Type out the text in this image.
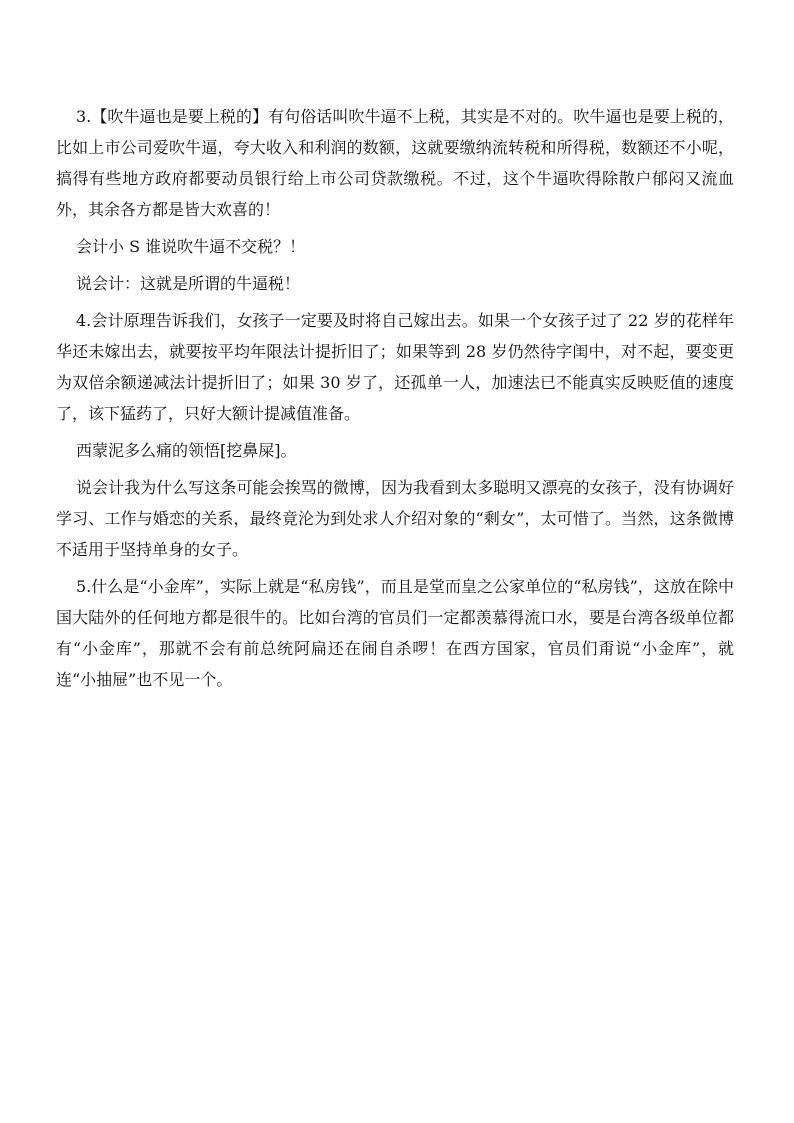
3.【吹牛逼也是要上税的】有句俗话叫吹牛逼不上税，其实是不对的。吹牛逼也是要上税的，比如上市公司爱吹牛逼，夸大收入和利润的数额，这就要缴纳流转税和所得税，数额还不小呢，搞得有些地方政府都要动员银行给上市公司贷款缴税。不过，这个牛逼吹得除散户郁闷又流血外，其余各方都是皆大欢喜的！

会计小 S 谁说吹牛逼不交税？！

说会计：这就是所谓的牛逼税！

4.会计原理告诉我们，女孩子一定要及时将自己嫁出去。如果一个女孩子过了 22 岁的花样年华还未嫁出去，就要按平均年限法计提折旧了；如果等到 28 岁仍然待字闺中，对不起，要变更为双倍余额递减法计提折旧了；如果 30 岁了，还孤单一人，加速法已不能真实反映贬值的速度了，该下猛药了，只好大额计提减值准备。

西蒙泥多么痛的领悟[挖鼻屎]。

说会计我为什么写这条可能会挨骂的微博，因为我看到太多聪明又漂亮的女孩子，没有协调好学习、工作与婚恋的关系，最终竟沦为到处求人介绍对象的“剩女”，太可惜了。当然，这条微博不适用于坚持单身的女子。

5.什么是“小金库”，实际上就是“私房钱”，而且是堂而皇之公家单位的“私房钱”，这放在除中国大陆外的任何地方都是很牛的。比如台湾的官员们一定都羡慕得流口水，要是台湾各级单位都有“小金库”，那就不会有前总统阿扁还在闹自杀啰！在西方国家，官员们甭说“小金库”，就连“小抽屉”也不见一个。
